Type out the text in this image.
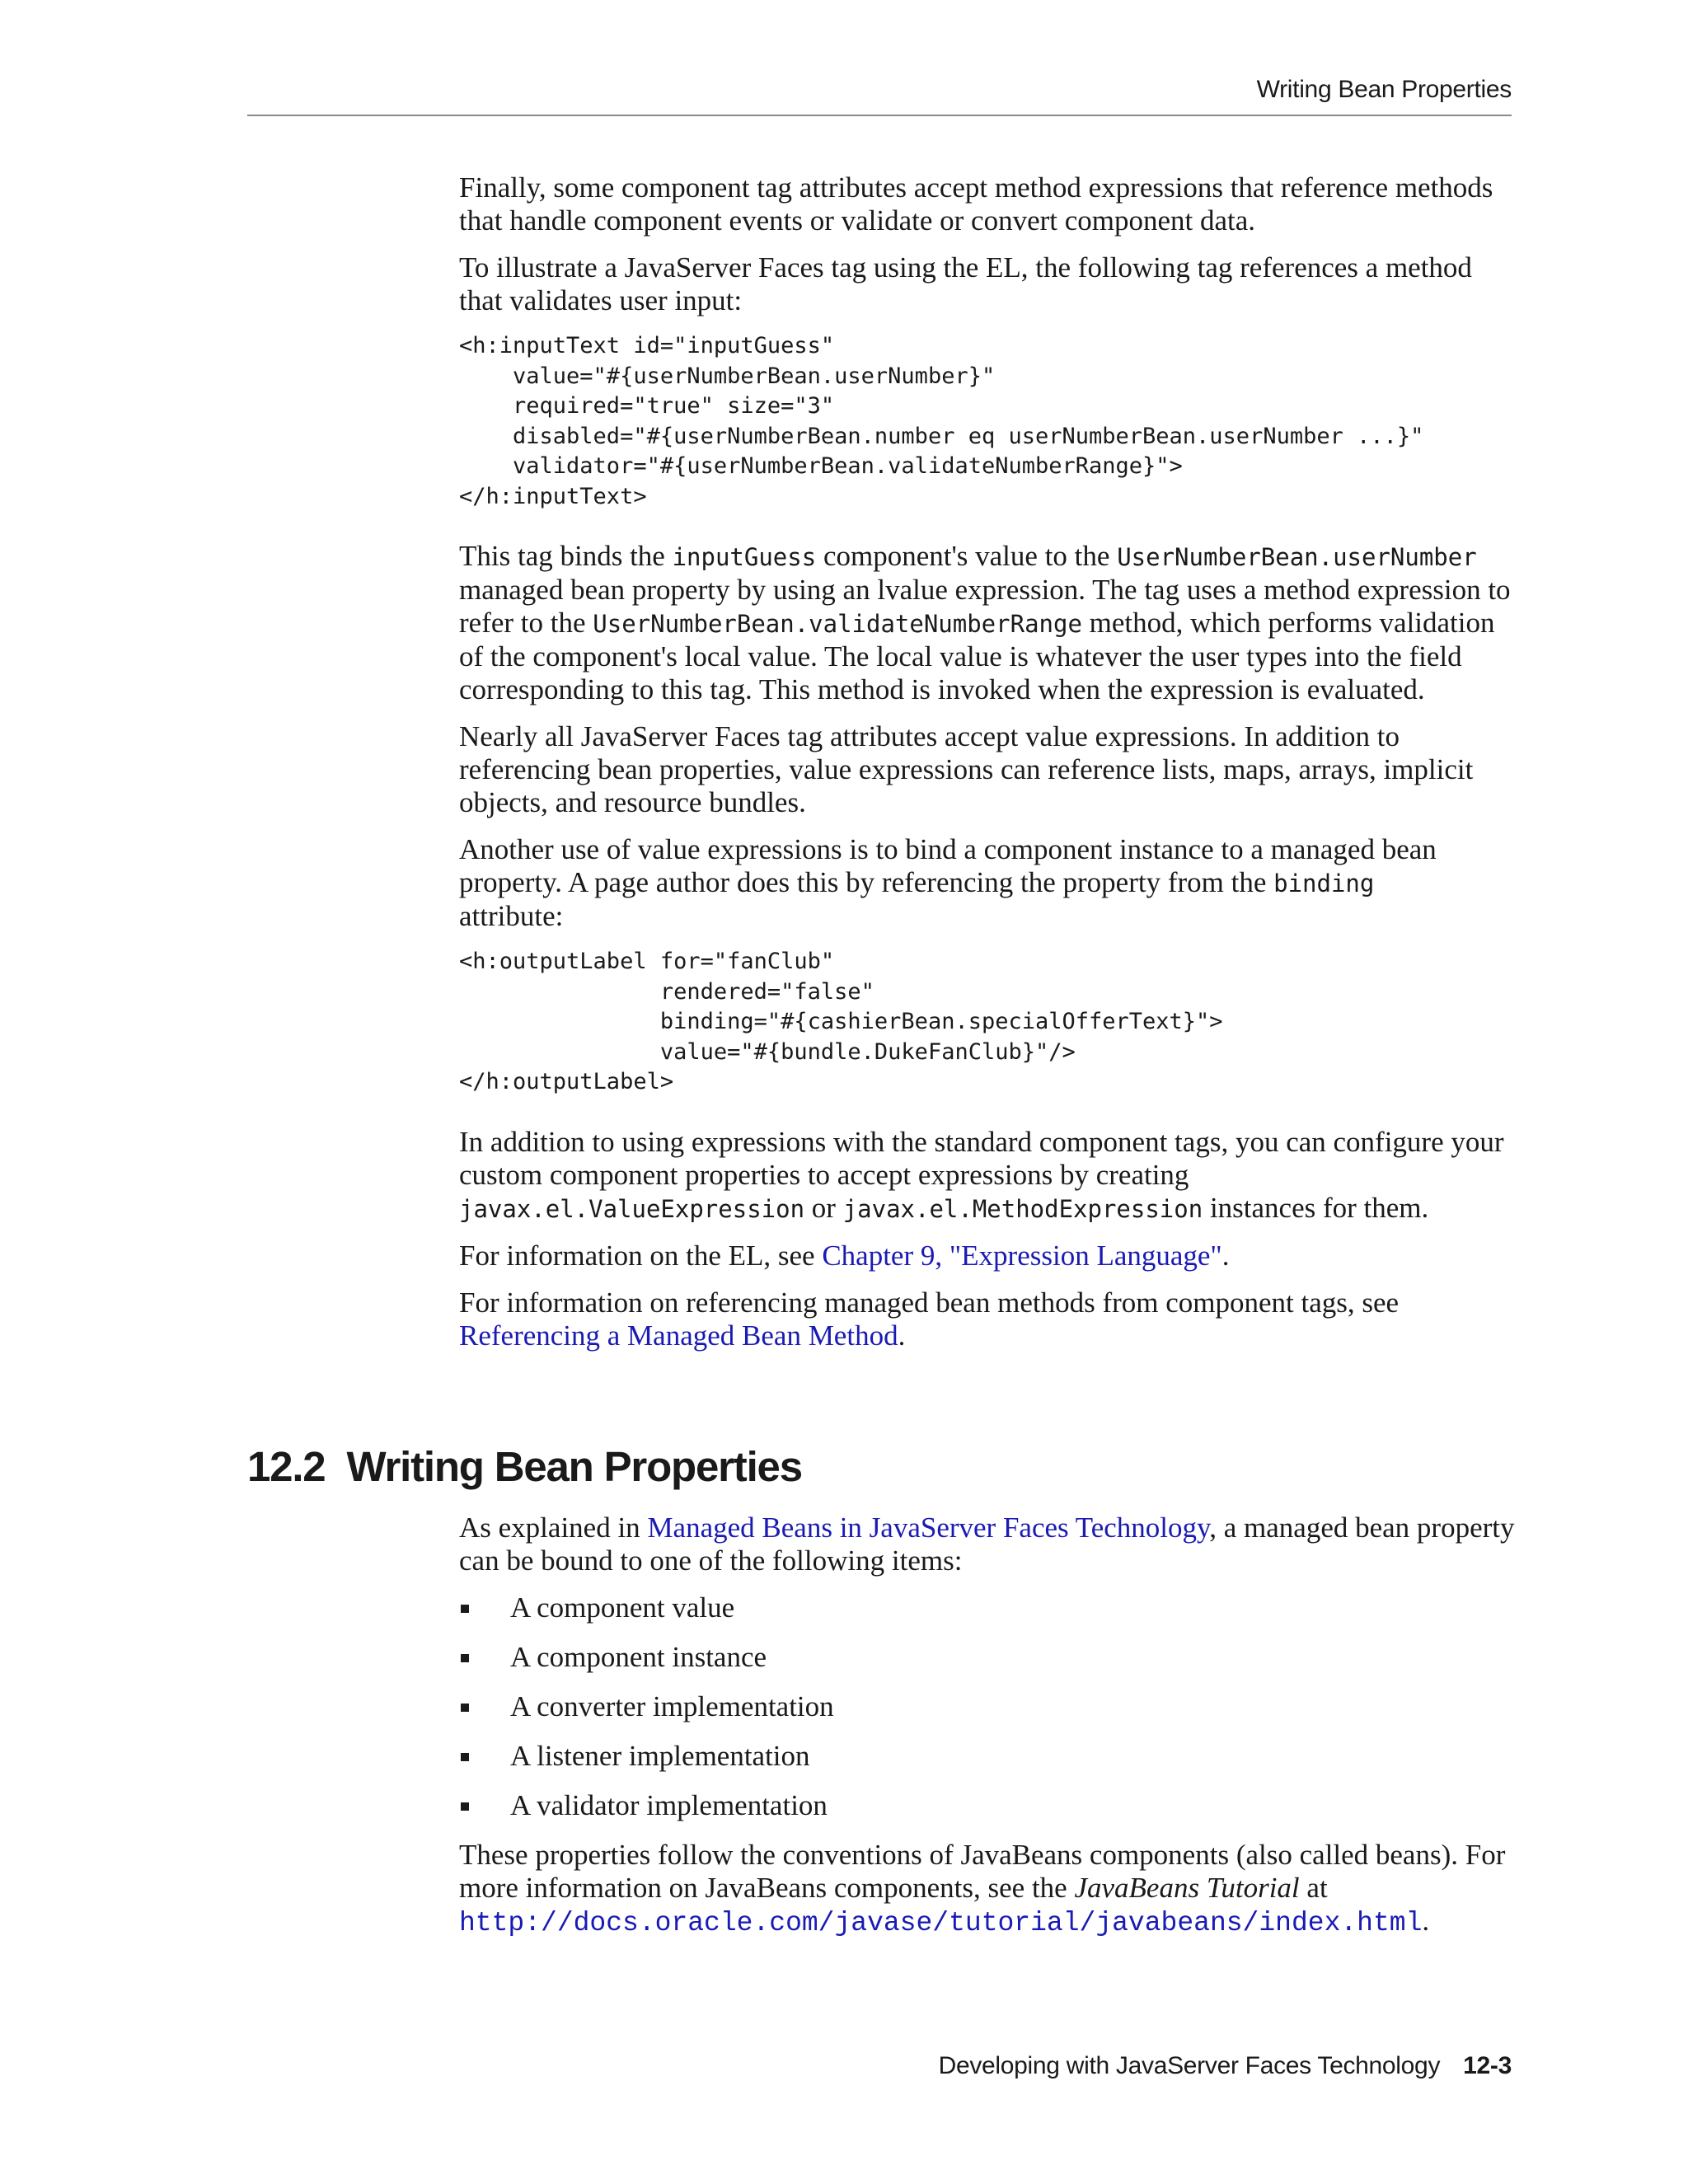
Writing Bean Properties

Finally, some component tag attributes accept method expressions that reference methods that handle component events or validate or convert component data.

To illustrate a JavaServer Faces tag using the EL, the following tag references a method that validates user input:

<h:inputText id="inputGuess"
value="#{userNumberBean.userNumber}"
required="true" size="3"
disabled="#{userNumberBean.number eq userNumberBean.userNumber ...}"
validator="#{userNumberBean.validateNumberRange}">
</h:inputText>

This tag binds the inputGuess component's value to the UserNumberBean.userNumber managed bean property by using an lvalue expression. The tag uses a method expression to refer to the UserNumberBean.validateNumberRange method, which performs validation of the component's local value. The local value is whatever the user types into the field corresponding to this tag. This method is invoked when the expression is evaluated.

Nearly all JavaServer Faces tag attributes accept value expressions. In addition to referencing bean properties, value expressions can reference lists, maps, arrays, implicit objects, and resource bundles.

Another use of value expressions is to bind a component instance to a managed bean property. A page author does this by referencing the property from the binding
attribute:

<h:outputLabel for="fanClub"
rendered="false"
binding="#{cashierBean.specialOfferText}">
value="#{bundle.DukeFanClub}"/>
</h:outputLabel>

In addition to using expressions with the standard component tags, you can configure your custom component properties to accept expressions by creating javax.el.ValueExpression or javax.el.MethodExpression instances for them.

For information on the EL, see Chapter 9, "Expression Language".

For information on referencing managed bean methods from component tags, see Referencing a Managed Bean Method.

12.2 Writing Bean Properties

As explained in Managed Beans in JavaServer Faces Technology, a managed bean property can be bound to one of the following items:

A component value
A component instance
A converter implementation
A listener implementation
A validator implementation

These properties follow the conventions of JavaBeans components (also called beans). For more information on JavaBeans components, see the JavaBeans Tutorial at
http://docs.oracle.com/javase/tutorial/javabeans/index.html.

Developing with JavaServer Faces Technology 12-3
